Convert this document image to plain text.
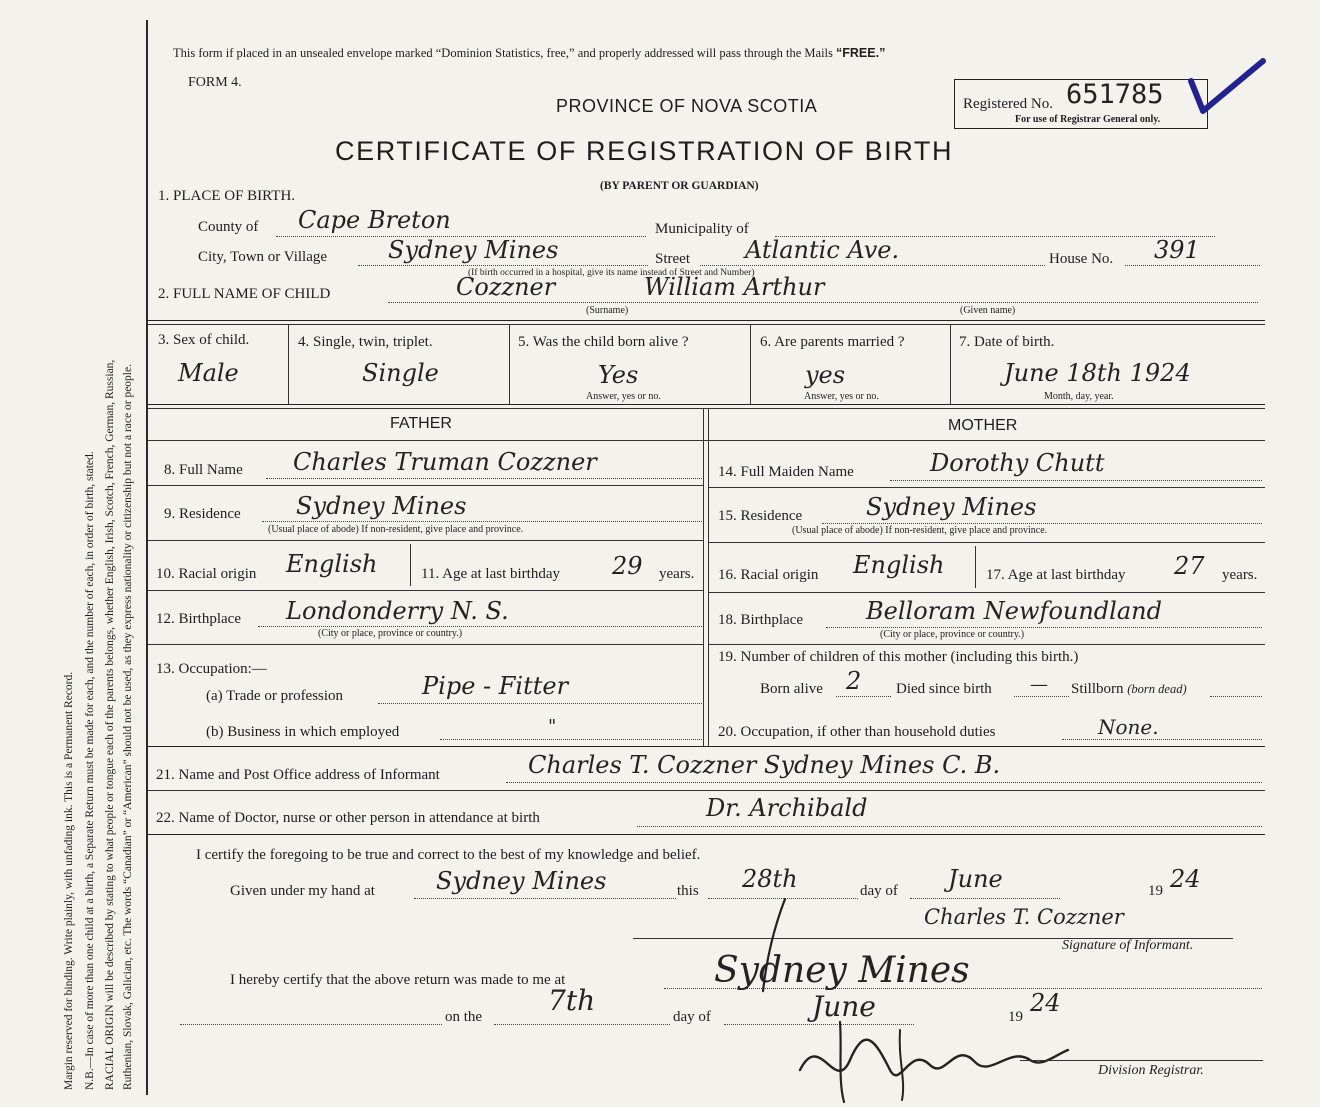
Margin reserved for binding. Write plainly, with unfading ink. This is a Permanent Record. N.B.—In case of more than one child at a birth, a Separate Return must be made for each, and the number of each, in order of birth, stated. RACIAL ORIGIN will be described by stating to what people or tongue each of the parents belongs, whether English, Irish, Scotch, French, German, Russian, Ruthenian, Slovak, Galician, etc. The words “Canadian” or “American” should not be used, as they express nationality or citizenship but not a race or people.
This form if placed in an unsealed envelope marked “Dominion Statistics, free,” and properly addressed will pass through the Mails “FREE.”
FORM 4.
PROVINCE OF NOVA SCOTIA
CERTIFICATE OF REGISTRATION OF BIRTH
(BY PARENT OR GUARDIAN)
Registered No. 651785
For use of Registrar General only.
1. PLACE OF BIRTH.
County of Cape Breton	Municipality of
City, Town or Village	Sydney Mines	Street Atlantic Ave.	House No. 391
(If birth occurred in a hospital, give its name instead of Street and Number)
2. FULL NAME OF CHILD	Cozzner	William Arthur
(Surname)	(Given name)
3. Sex of child.
Male
4. Single, twin, triplet.
Single
5. Was the child born alive ?
Yes
Answer, yes or no.
6. Are parents married ?
yes
Answer, yes or no.
7. Date of birth.
June 18th 1924
Month, day, year.
FATHER	MOTHER
8. Full Name Charles Truman Cozzner
9. Residence Sydney Mines
(Usual place of abode) If non-resident, give place and province.
10. Racial origin English	11. Age at last birthday 29 years.
12. Birthplace Londonderry N. S.
(City or place, province or country.)
13. Occupation:—
(a) Trade or profession	Pipe - Fitter
(b) Business in which employed	"
14. Full Maiden Name	Dorothy Chutt
15. Residence	Sydney Mines
(Usual place of abode) If non-resident, give place and province.
16. Racial origin English	17. Age at last birthday 27 years.
18. Birthplace	Belloram Newfoundland
(City or place, province or country.)
19. Number of children of this mother (including this birth.)
Born alive 2 Died since birth — Stillborn (born dead)
20. Occupation, if other than household duties	None.
21. Name and Post Office address of Informant	Charles T. Cozzner Sydney Mines C. B.
22. Name of Doctor, nurse or other person in attendance at birth	Dr. Archibald
I certify the foregoing to be true and correct to the best of my knowledge and belief.
Given under my hand at	Sydney Mines	this 28th	day of June	19 24
Charles T. Cozzner
Signature of Informant.
I hereby certify that the above return was made to me at	Sydney Mines
on the 7th	day of	June	19 24
Division Registrar.
